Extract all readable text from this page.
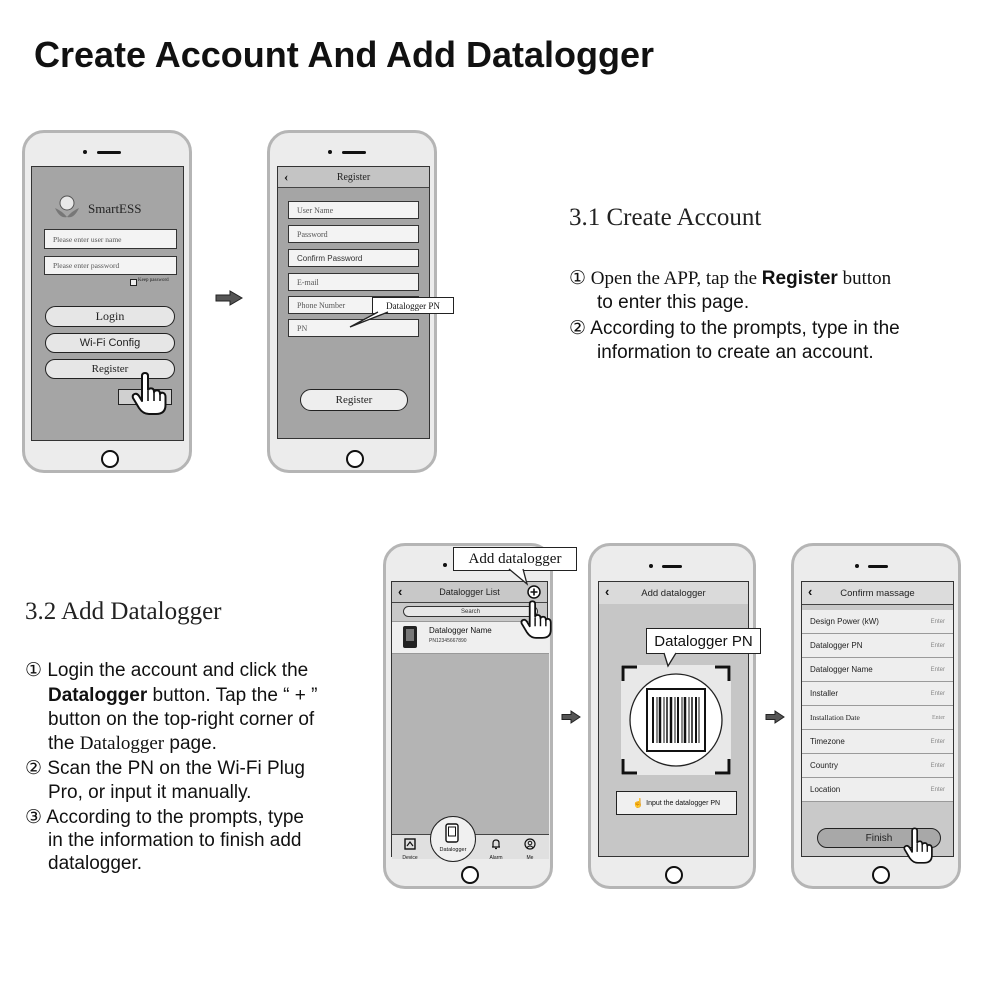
Create Account And Add Datalogger
SmartESS
Please enter user name
Please enter password
Keep password
Login
Wi-Fi Config
Register
‹	Register
User Name
Password
Confirm Password
E-mail
Phone Number
PN
Register
Datalogger PN
3.1 Create Account
① Open the APP, tap the Register button
to enter this page.
② According to the prompts, type in the
information to create an account.
3.2 Add Datalogger
① Login the account and click the
Datalogger button. Tap the “ + ”
button on the top-right corner of
the Datalogger page.
② Scan the PN on the Wi-Fi Plug
Pro, or input it manually.
③ According to the prompts, type
in the information to finish add
datalogger.
‹	Datalogger List
Search
Datalogger Name
PN12345667890
Device	Alarm	Me
Datalogger
Add datalogger
‹	Add datalogger
☝ Input the datalogger PN
Datalogger PN
‹	Confirm massage
Design Power (kW)	Enter
Datalogger PN	Enter
Datalogger Name	Enter
Installer	Enter
Installation Date	Enter
Timezone	Enter
Country	Enter
Location	Enter
Finish
